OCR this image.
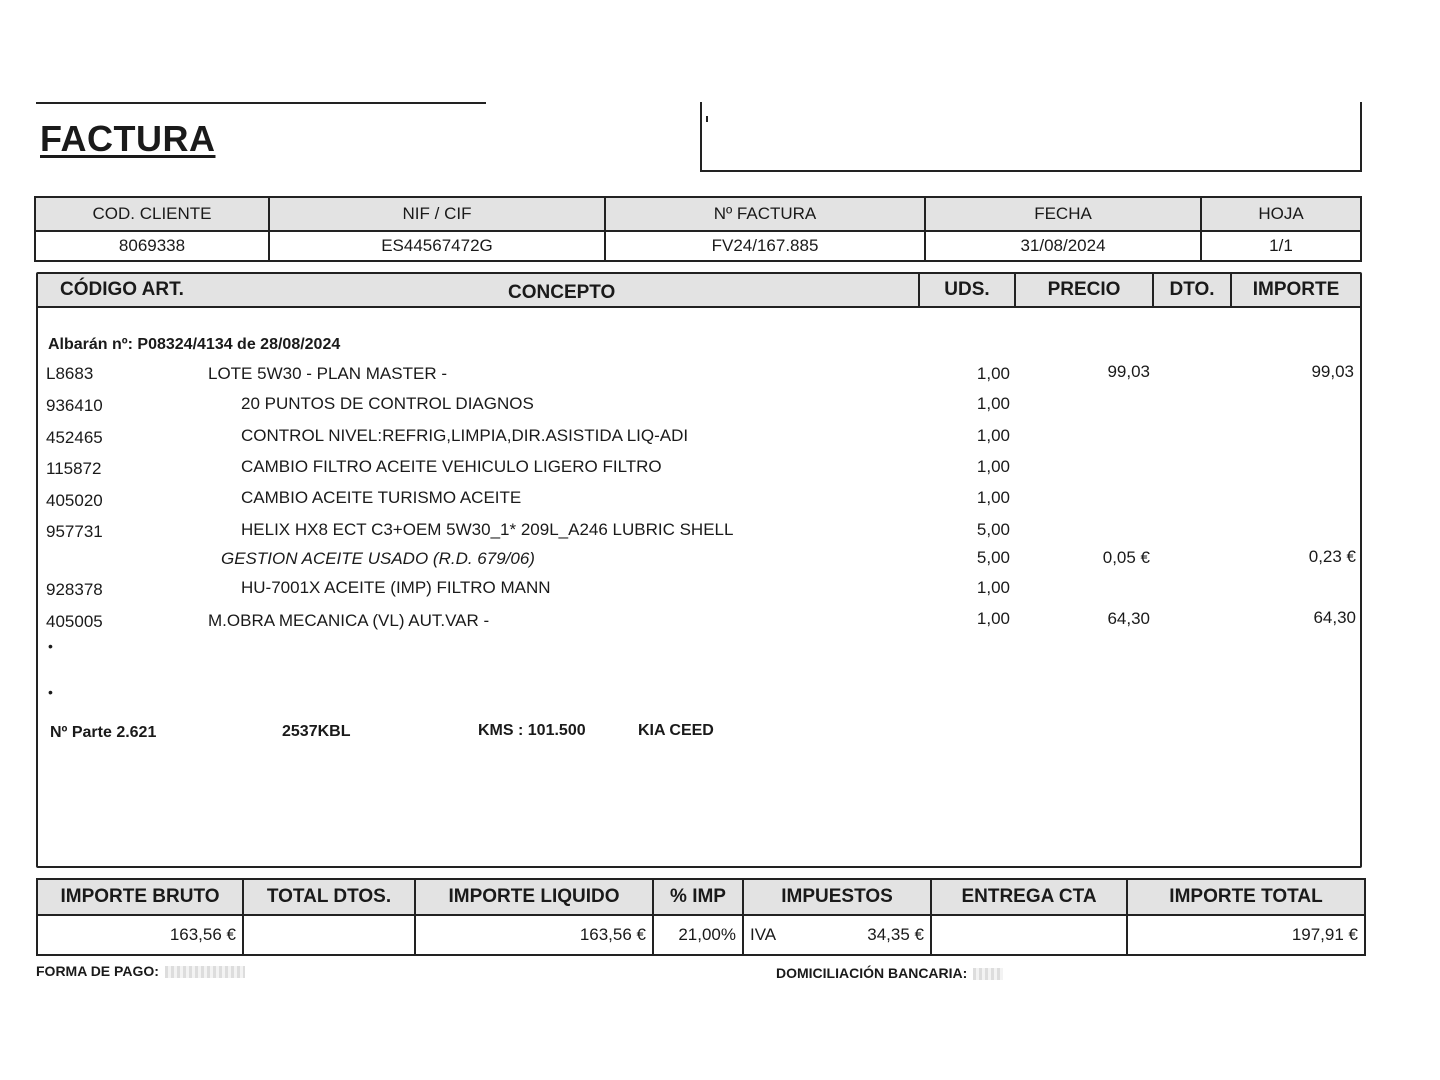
FACTURA
COD. CLIENTE	NIF / CIF	Nº FACTURA	FECHA	HOJA
8069338	ES44567472G	FV24/167.885	31/08/2024	1/1
CÓDIGO ART.	CONCEPTO	UDS.	PRECIO	DTO.	IMPORTE
Albarán nº: P08324/4134 de 28/08/2024
L8683	LOTE 5W30 - PLAN MASTER -	1,00	99,03	99,03
936410	20 PUNTOS DE CONTROL DIAGNOS	1,00
452465	CONTROL NIVEL:REFRIG,LIMPIA,DIR.ASISTIDA LIQ-ADI	1,00
115872	CAMBIO FILTRO ACEITE VEHICULO LIGERO FILTRO	1,00
405020	CAMBIO ACEITE TURISMO ACEITE	1,00
957731	HELIX HX8 ECT C3+OEM 5W30_1* 209L_A246 LUBRIC SHELL	5,00
GESTION ACEITE USADO (R.D. 679/06)	5,00	0,05 €	0,23 €
928378	HU-7001X ACEITE (IMP) FILTRO MANN	1,00
405005	M.OBRA MECANICA (VL) AUT.VAR -	1,00	64,30	64,30
•
•
Nº Parte 2.621	2537KBL	KMS : 101.500	KIA CEED
IMPORTE BRUTO	TOTAL DTOS.	IMPORTE LIQUIDO	% IMP	IMPUESTOS	ENTREGA CTA	IMPORTE TOTAL
163,56 €		163,56 €	21,00%	IVA 34,35 €		197,91 €
FORMA DE PAGO:	DOMICILIACIÓN BANCARIA:
